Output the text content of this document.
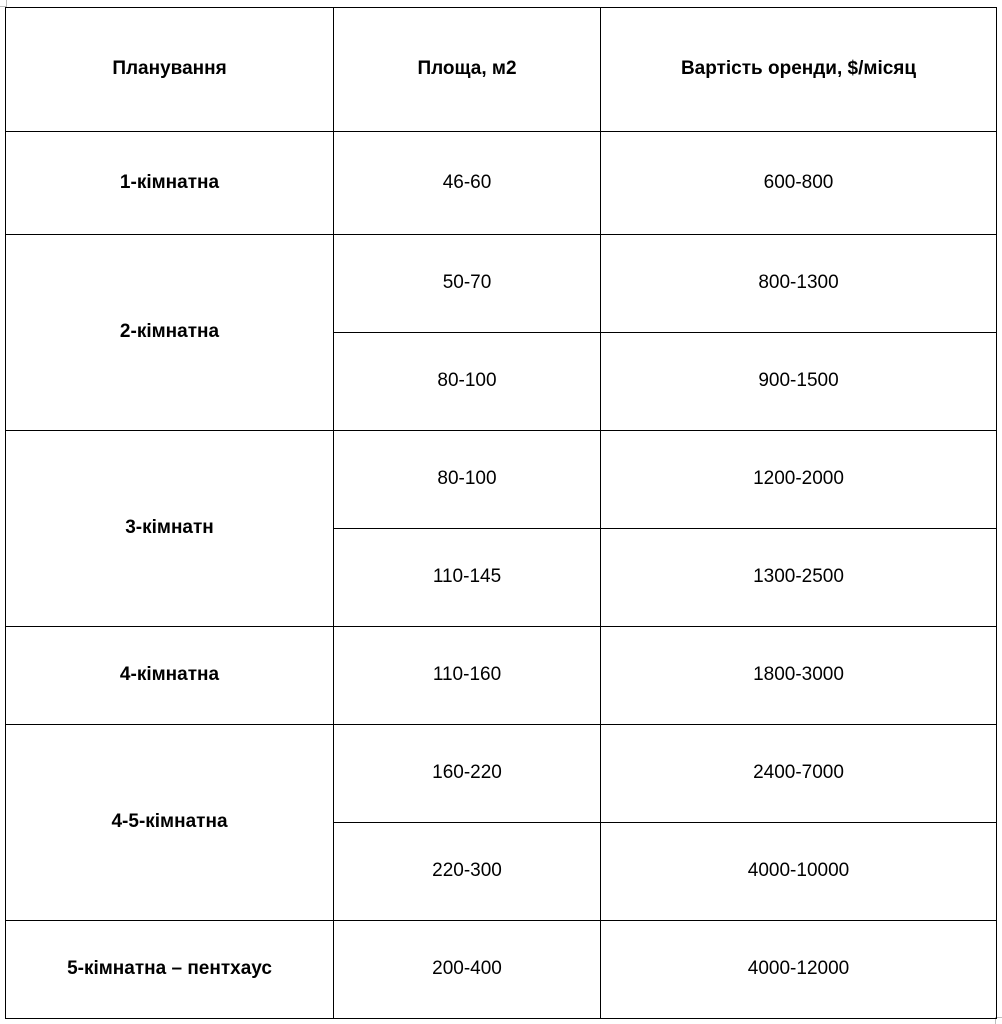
Планування	Площа, м2	Вартість оренди, $/місяц
1-кімнатна	46-60	600-800
2-кімнатна	50-70	800-1300
	80-100	900-1500
3-кімнатн	80-100	1200-2000
	110-145	1300-2500
4-кімнатна	110-160	1800-3000
4-5-кімнатна	160-220	2400-7000
	220-300	4000-10000
5-кімнатна – пентхаус	200-400	4000-12000
